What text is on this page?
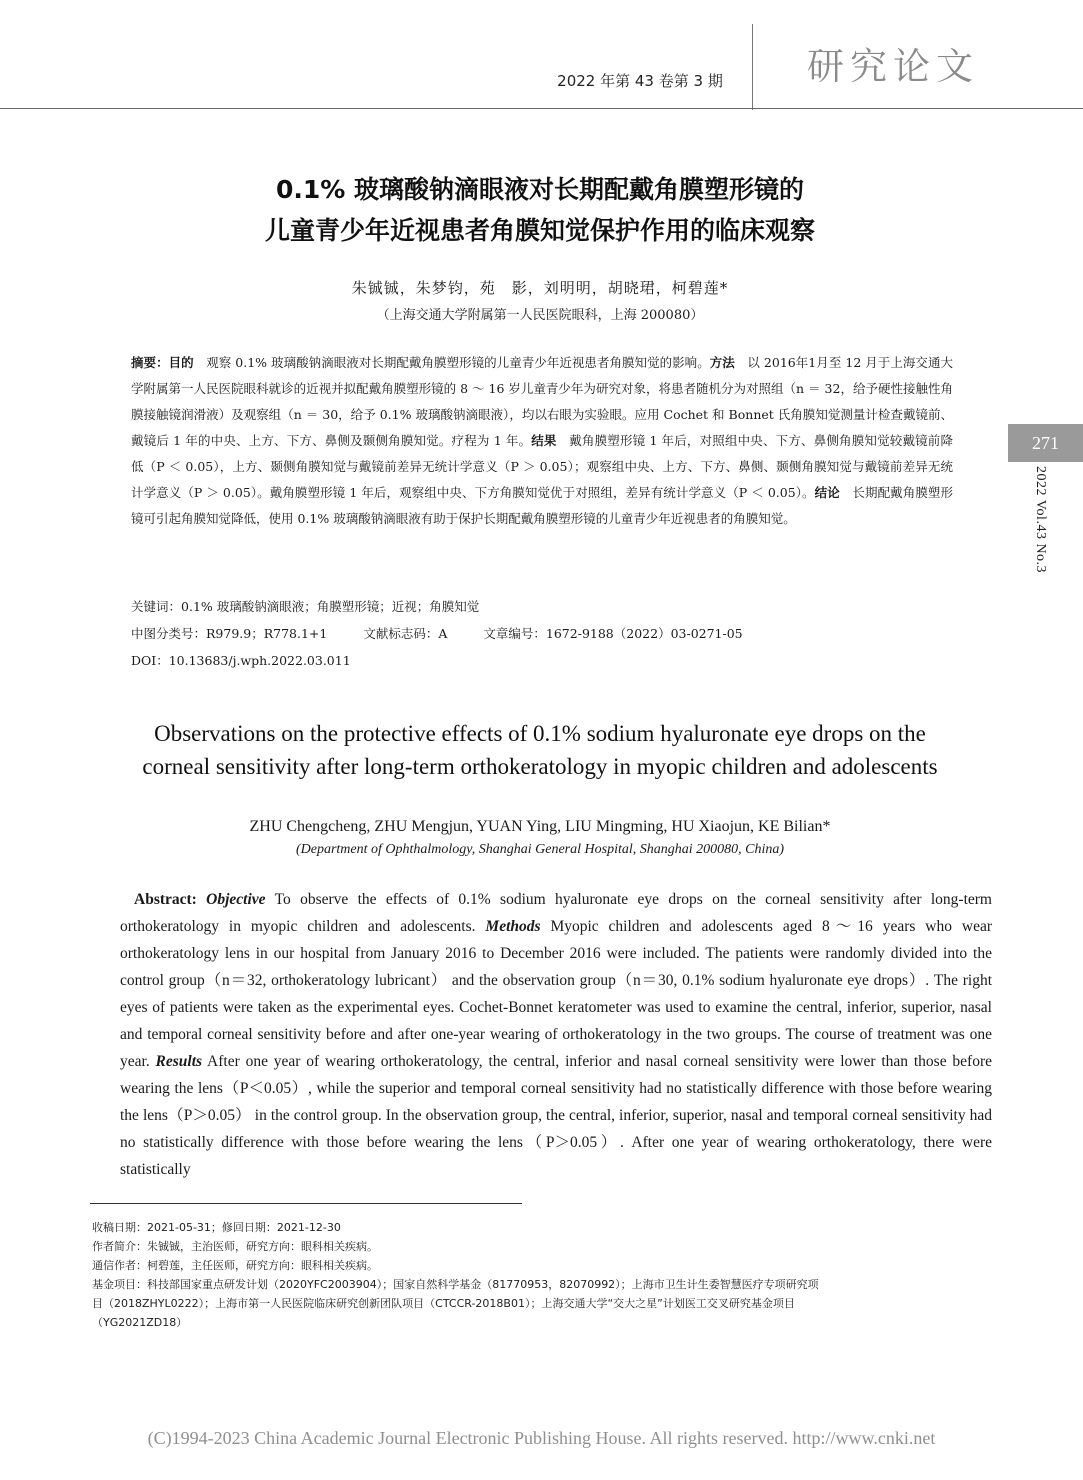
2022 年第 43 卷第 3 期	研究论文
271
2022 Vol.43 No.3
0.1% 玻璃酸钠滴眼液对长期配戴角膜塑形镜的
儿童青少年近视患者角膜知觉保护作用的临床观察
朱铖铖，朱梦钧，苑　影，刘明明，胡晓珺，柯碧莲*
（上海交通大学附属第一人民医院眼科，上海 200080）
摘要：目的　观察 0.1% 玻璃酸钠滴眼液对长期配戴角膜塑形镜的儿童青少年近视患者角膜知觉的影响。方法　以 2016年1月至 12 月于上海交通大学附属第一人民医院眼科就诊的近视并拟配戴角膜塑形镜的 8 ～ 16 岁儿童青少年为研究对象，将患者随机分为对照组（n ＝ 32，给予硬性接触性角膜接触镜润滑液）及观察组（n ＝ 30，给予 0.1% 玻璃酸钠滴眼液），均以右眼为实验眼。应用 Cochet 和 Bonnet 氏角膜知觉测量计检查戴镜前、戴镜后 1 年的中央、上方、下方、鼻侧及颞侧角膜知觉。疗程为 1 年。结果　戴角膜塑形镜 1 年后，对照组中央、下方、鼻侧角膜知觉较戴镜前降低（P ＜ 0.05），上方、颞侧角膜知觉与戴镜前差异无统计学意义（P ＞ 0.05）；观察组中央、上方、下方、鼻侧、颞侧角膜知觉与戴镜前差异无统计学意义（P ＞ 0.05）。戴角膜塑形镜 1 年后，观察组中央、下方角膜知觉优于对照组，差异有统计学意义（P ＜ 0.05）。结论　长期配戴角膜塑形镜可引起角膜知觉降低，使用 0.1% 玻璃酸钠滴眼液有助于保护长期配戴角膜塑形镜的儿童青少年近视患者的角膜知觉。
关键词：0.1% 玻璃酸钠滴眼液；角膜塑形镜；近视；角膜知觉
中图分类号：R979.9；R778.1+1	文献标志码：A	文章编号：1672-9188（2022）03-0271-05
DOI：10.13683/j.wph.2022.03.011
Observations on the protective effects of 0.1% sodium hyaluronate eye drops on the
corneal sensitivity after long-term orthokeratology in myopic children and adolescents
ZHU Chengcheng, ZHU Mengjun, YUAN Ying, LIU Mingming, HU Xiaojun, KE Bilian*
(Department of Ophthalmology, Shanghai General Hospital, Shanghai 200080, China)
Abstract: Objective To observe the effects of 0.1% sodium hyaluronate eye drops on the corneal sensitivity after long-term orthokeratology in myopic children and adolescents. Methods Myopic children and adolescents aged 8～16 years who wear orthokeratology lens in our hospital from January 2016 to December 2016 were included. The patients were randomly divided into the control group（n＝32, orthokeratology lubricant） and the observation group（n＝30, 0.1% sodium hyaluronate eye drops）. The right eyes of patients were taken as the experimental eyes. Cochet-Bonnet keratometer was used to examine the central, inferior, superior, nasal and temporal corneal sensitivity before and after one-year wearing of orthokeratology in the two groups. The course of treatment was one year. Results After one year of wearing orthokeratology, the central, inferior and nasal corneal sensitivity were lower than those before wearing the lens（P＜0.05）, while the superior and temporal corneal sensitivity had no statistically difference with those before wearing the lens（P＞0.05） in the control group. In the observation group, the central, inferior, superior, nasal and temporal corneal sensitivity had no statistically difference with those before wearing the lens（P＞0.05）. After one year of wearing orthokeratology, there were statistically
收稿日期：2021-05-31；修回日期：2021-12-30
作者简介：朱铖铖，主治医师，研究方向：眼科相关疾病。
通信作者：柯碧莲，主任医师，研究方向：眼科相关疾病。
基金项目：科技部国家重点研发计划（2020YFC2003904）；国家自然科学基金（81770953，82070992）；上海市卫生计生委智慧医疗专项研究项
目（2018ZHYL0222）；上海市第一人民医院临床研究创新团队项目（CTCCR-2018B01）；上海交通大学“交大之星”计划医工交叉研究基金项目
（YG2021ZD18）
(C)1994-2023 China Academic Journal Electronic Publishing House. All rights reserved. http://www.cnki.net
